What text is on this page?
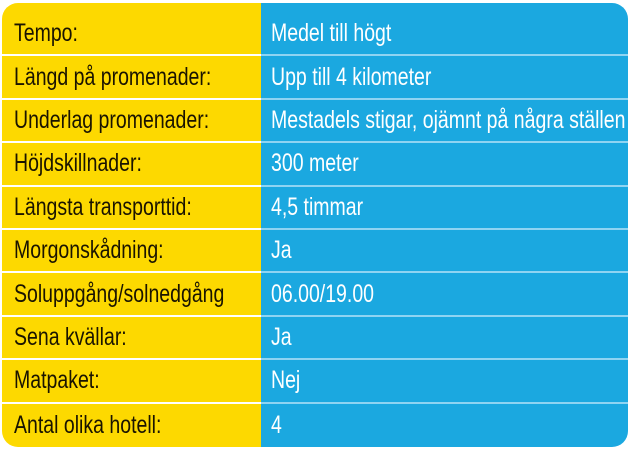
Tempo:
Längd på promenader:
Underlag promenader:
Höjdskillnader:
Längsta transporttid:
Morgonskådning:
Soluppgång/solnedgång
Sena kvällar:
Matpaket:
Antal olika hotell:
Medel till högt
Upp till 4 kilometer
Mestadels stigar, ojämnt på några ställen
300 meter
4,5 timmar
Ja
06.00/19.00
Ja
Nej
4
